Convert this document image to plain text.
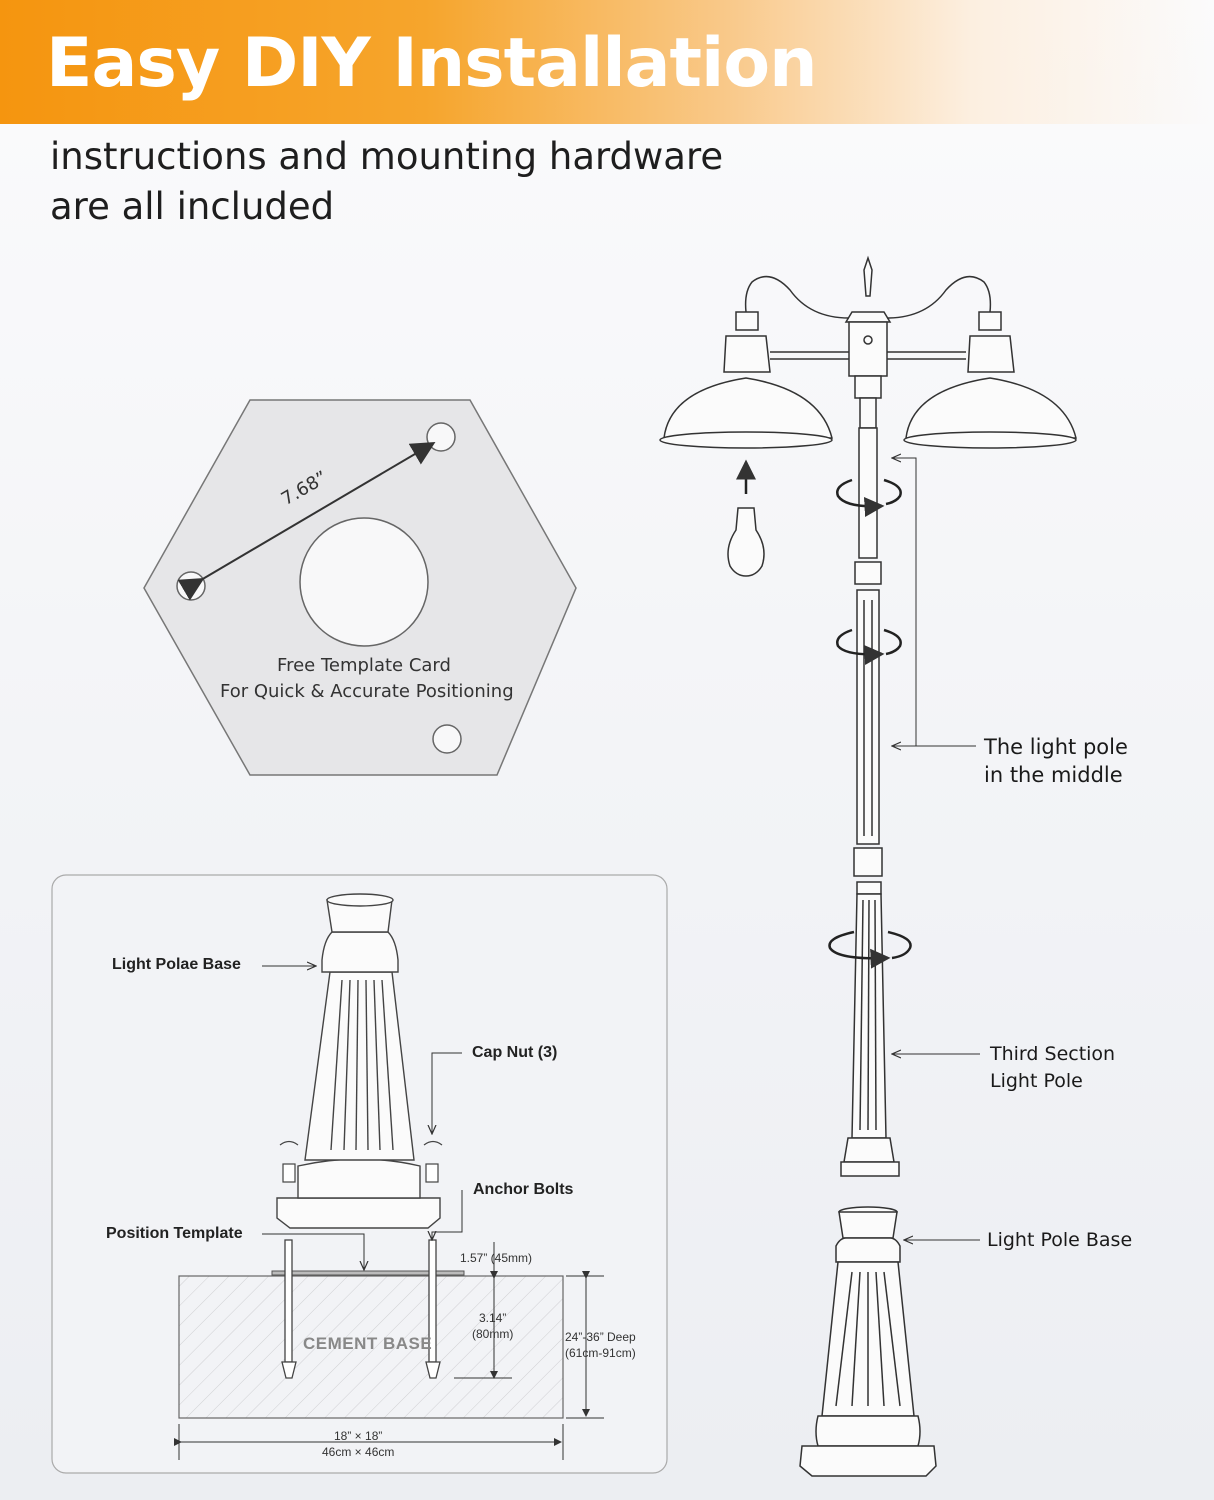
Easy DIY Installation
instructions and mounting hardware
are all included
7.68”
Free Template Card
For Quick & Accurate Positioning
The light pole
in the middle
Third Section
Light Pole
Light Pole Base
Light Polae Base
Cap Nut (3)
Anchor Bolts
Position Template
CEMENT BASE
1.57” (45mm)
3.14”
(80mm)	24”-36” Deep
(61cm-91cm)
18” × 18”
46cm × 46cm
